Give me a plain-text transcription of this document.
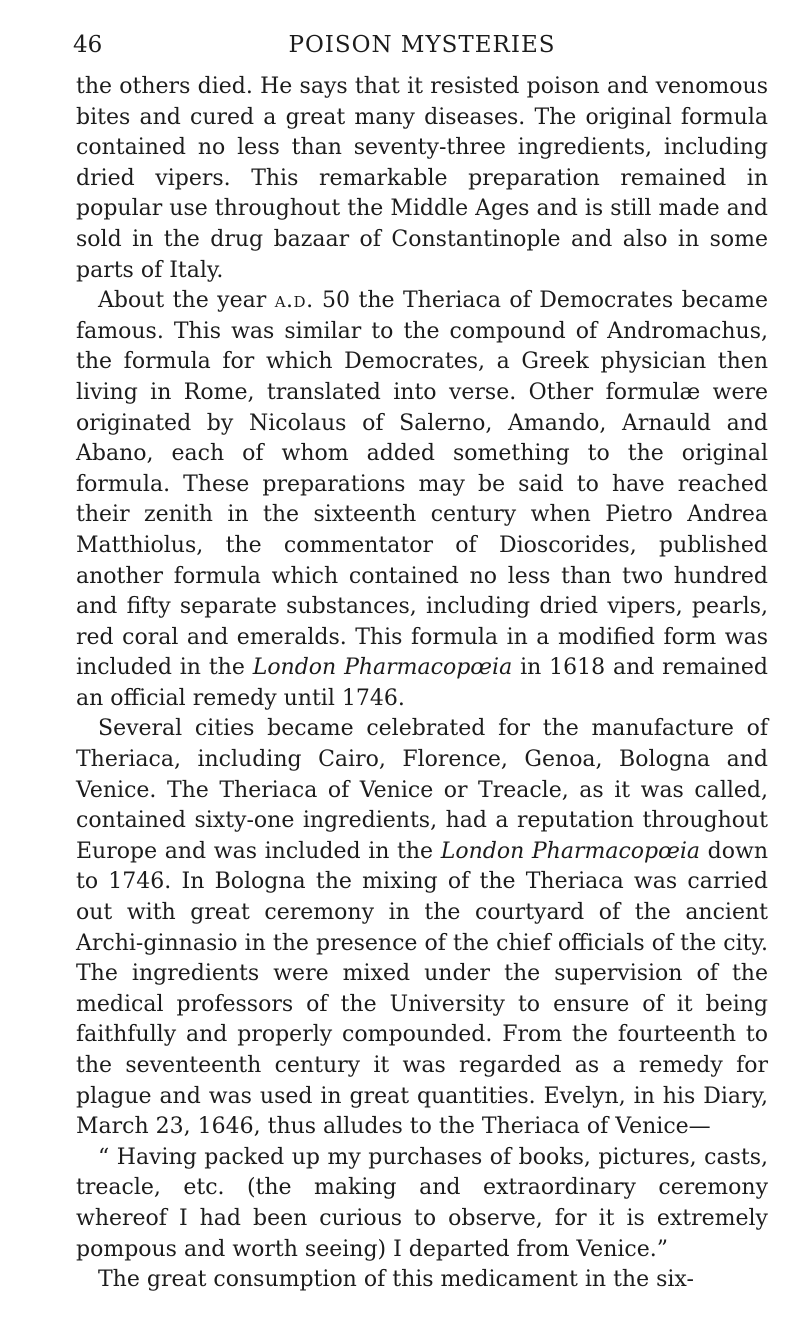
46	POISON MYSTERIES

the others died. He says that it resisted poison and venomous bites and cured a great many diseases. The original formula contained no less than seventy-three ingredients, including dried vipers. This remarkable preparation remained in popular use throughout the Middle Ages and is still made and sold in the drug bazaar of Constantinople and also in some parts of Italy.

About the year a.d. 50 the Theriaca of Democrates became famous. This was similar to the compound of Andromachus, the formula for which Democrates, a Greek physician then living in Rome, translated into verse. Other formulæ were originated by Nicolaus of Salerno, Amando, Arnauld and Abano, each of whom added something to the original formula. These preparations may be said to have reached their zenith in the sixteenth century when Pietro Andrea Matthiolus, the commentator of Dioscorides, published another formula which contained no less than two hundred and fifty separate substances, including dried vipers, pearls, red coral and emeralds. This formula in a modified form was included in the London Pharmacopœia in 1618 and remained an official remedy until 1746.

Several cities became celebrated for the manufacture of Theriaca, including Cairo, Florence, Genoa, Bologna and Venice. The Theriaca of Venice or Treacle, as it was called, contained sixty-one ingredients, had a reputation throughout Europe and was included in the London Pharmacopœia down to 1746. In Bologna the mixing of the Theriaca was carried out with great ceremony in the courtyard of the ancient Archi-ginnasio in the presence of the chief officials of the city. The ingredients were mixed under the supervision of the medical professors of the University to ensure of it being faithfully and properly compounded. From the fourteenth to the seventeenth century it was regarded as a remedy for plague and was used in great quantities. Evelyn, in his Diary, March 23, 1646, thus alludes to the Theriaca of Venice—

“ Having packed up my purchases of books, pictures, casts, treacle, etc. (the making and extraordinary ceremony whereof I had been curious to observe, for it is extremely pompous and worth seeing) I departed from Venice.”

The great consumption of this medicament in the six-
